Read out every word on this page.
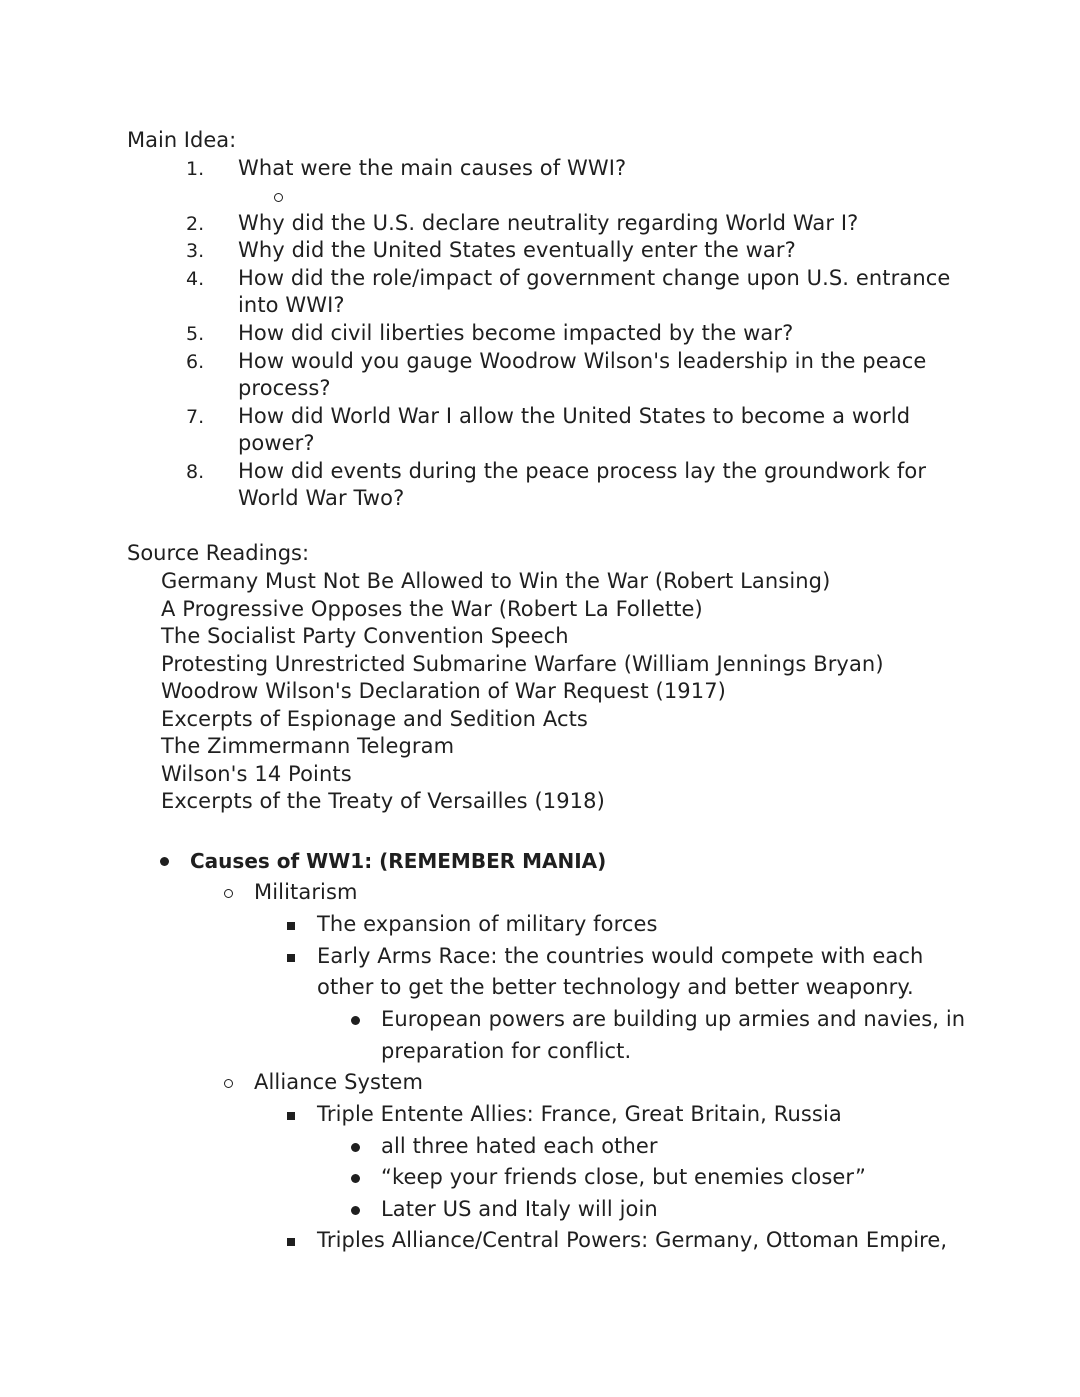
Main Idea:
1. What were the main causes of WWI?
2. Why did the U.S. declare neutrality regarding World War I?
3. Why did the United States eventually enter the war?
4. How did the role/impact of government change upon U.S. entrance
into WWI?
5. How did civil liberties become impacted by the war?
6. How would you gauge Woodrow Wilson's leadership in the peace
process?
7. How did World War I allow the United States to become a world
power?
8. How did events during the peace process lay the groundwork for
World War Two?
Source Readings:
Germany Must Not Be Allowed to Win the War (Robert Lansing)
A Progressive Opposes the War (Robert La Follette)
The Socialist Party Convention Speech
Protesting Unrestricted Submarine Warfare (William Jennings Bryan)
Woodrow Wilson's Declaration of War Request (1917)
Excerpts of Espionage and Sedition Acts
The Zimmermann Telegram
Wilson's 14 Points
Excerpts of the Treaty of Versailles (1918)
Causes of WW1: (REMEMBER MANIA)
Militarism
The expansion of military forces
Early Arms Race: the countries would compete with each
other to get the better technology and better weaponry.
European powers are building up armies and navies, in
preparation for conflict.
Alliance System
Triple Entente Allies: France, Great Britain, Russia
all three hated each other
“keep your friends close, but enemies closer”
Later US and Italy will join
Triples Alliance/Central Powers: Germany, Ottoman Empire,
